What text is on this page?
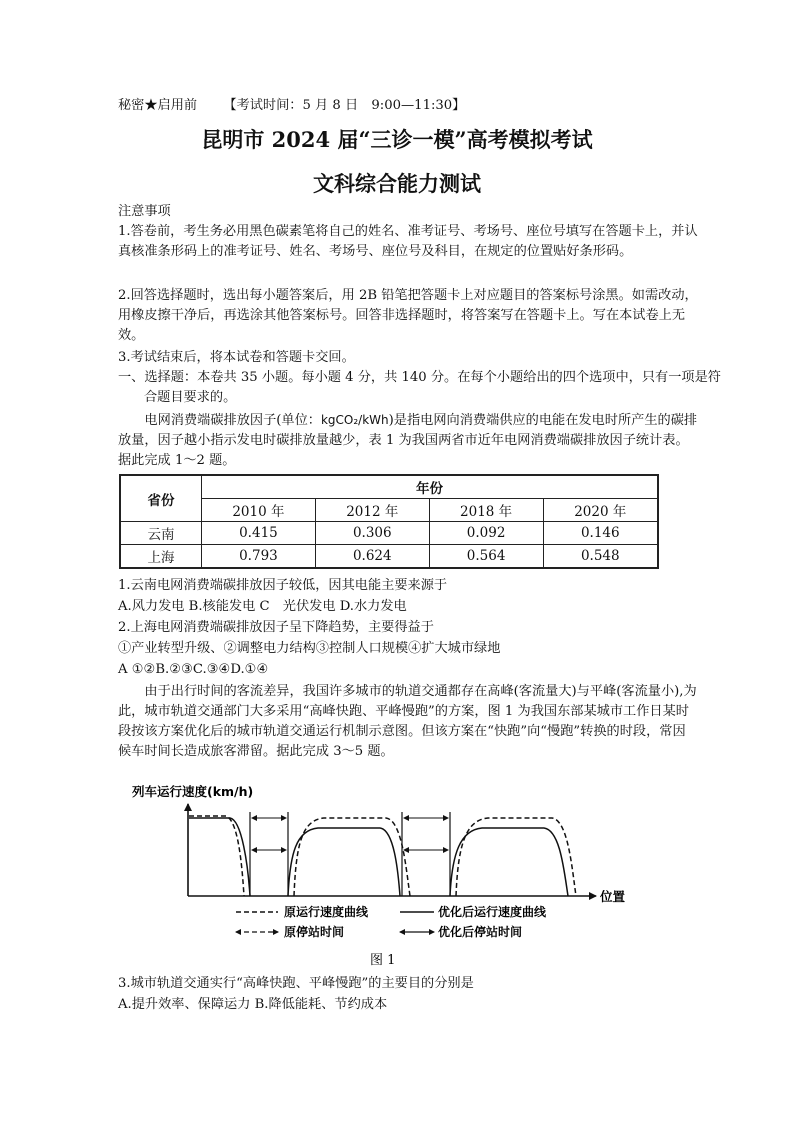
秘密★启用前 【考试时间：5 月 8 日　9:00—11:30】
昆明市 2024 届“三诊一模”高考模拟考试
文科综合能力测试
注意事项
1.答卷前，考生务必用黑色碳素笔将自己的姓名、准考证号、考场号、座位号填写在答题卡上，并认真核准条形码上的准考证号、姓名、考场号、座位号及科目，在规定的位置贴好条形码。
2.回答选择题时，选出每小题答案后，用 2B 铅笔把答题卡上对应题目的答案标号涂黑。如需改动，用橡皮擦干净后，再选涂其他答案标号。回答非选择题时，将答案写在答题卡上。写在本试卷上无效。
3.考试结束后，将本试卷和答题卡交回。
一、选择题：本卷共 35 小题。每小题 4 分，共 140 分。在每个小题给出的四个选项中，只有一项是符合题目要求的。
电网消费端碳排放因子(单位：kgCO₂/kWh)是指电网向消费端供应的电能在发电时所产生的碳排放量，因子越小指示发电时碳排放量越少，表 1 为我国两省市近年电网消费端碳排放因子统计表。据此完成 1～2 题。
省份	年份			
	2010 年	2012 年	2018 年	2020 年
云南	0.415	0.306	0.092	0.146
上海	0.793	0.624	0.564	0.548
1.云南电网消费端碳排放因子较低，因其电能主要来源于
A.风力发电 B.核能发电 C　光伏发电 D.水力发电
2.上海电网消费端碳排放因子呈下降趋势，主要得益于
①产业转型升级、②调整电力结构③控制人口规模④扩大城市绿地
A ①②B.②③C.③④D.①④
由于出行时间的客流差异，我国许多城市的轨道交通都存在高峰(客流量大)与平峰(客流量小),为此，城市轨道交通部门大多采用“高峰快跑、平峰慢跑”的方案，图 1 为我国东部某城市工作日某时段按该方案优化后的城市轨道交通运行机制示意图。但该方案在“快跑”向“慢跑”转换的时段，常因候车时间长造成旅客滞留。据此完成 3～5 题。
列车运行速度(km/h)
位置
原运行速度曲线	优化后运行速度曲线
原停站时间	优化后停站时间
图 1
3.城市轨道交通实行“高峰快跑、平峰慢跑”的主要目的分别是
A.提升效率、保障运力 B.降低能耗、节约成本
